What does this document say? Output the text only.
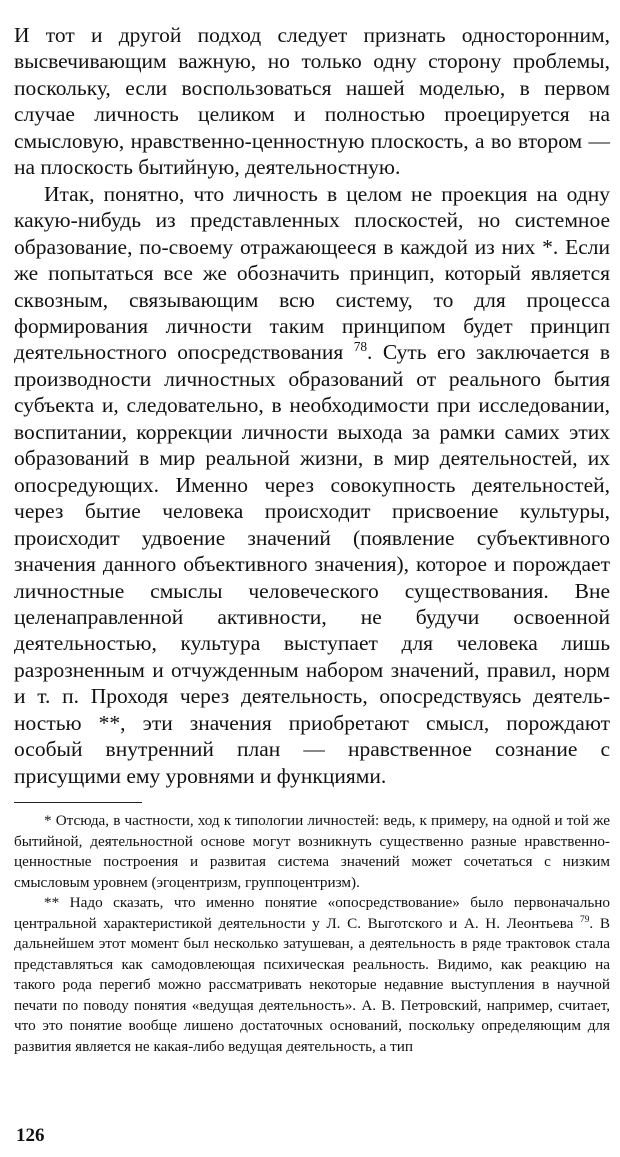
И тот и другой подход следует признать односторонним, высвечивающим важную, но только одну сторону проблемы, поскольку, если воспользоваться нашей моделью, в первом случае личность целиком и полностью проецируется на смысловую, нравственно-ценностную плоскость, а во втором — на плоскость бытийную, деятельностную.

Итак, понятно, что личность в целом не проекция на одну какую-нибудь из представленных плоскостей, но системное образование, по-своему отражающееся в каждой из них *. Если же попытаться все же обозначить принцип, который является сквозным, связывающим всю систему, то для процесса формирования личности таким принципом будет принцип деятельностного опосредствования $^{78}$. Суть его заключается в производности личностных образований от реального бытия субъекта и, следовательно, в необходимости при исследовании, воспитании, коррекции личности выхода за рамки самих этих образований в мир реальной жизни, в мир деятельностей, их опосредующих. Именно через совокупность деятельностей, через бытие человека происходит присвоение культуры, происходит удвоение значений (появление субъективного значения данного объективного значения), которое и порождает личностные смыслы человеческого существования. Вне целенаправленной активности, не будучи освоенной деятельностью, культура выступает для человека лишь разрозненным и отчужденным набором значений, правил, норм и т. п. Проходя через деятельность, опосредствуясь деятельностью **, эти значения приобретают смысл, порождают особый внутренний план — нравственное сознание с присущими ему уровнями и функциями.

* Отсюда, в частности, ход к типологии личностей: ведь, к примеру, на одной и той же бытийной, деятельностной основе могут возникнуть существенно разные нравственно-ценностные построения и развитая система значений может сочетаться с низким смысловым уровнем (эгоцентризм, группоцентризм).

** Надо сказать, что именно понятие «опосредствование» было первоначально центральной характеристикой деятельности у Л. С. Выготского и А. Н. Леонтьева $^{79}$. В дальнейшем этот момент был несколько затушеван, а деятельность в ряде трактовок стала представляться как самодовлеющая психическая реальность. Видимо, как реакцию на такого рода перегиб можно рассматривать некоторые недавние выступления в научной печати по поводу понятия «ведущая деятельность». А. В. Петровский, например, считает, что это понятие вообще лишено достаточных оснований, поскольку определяющим для развития является не какая-либо ведущая деятельность, а тип

126
